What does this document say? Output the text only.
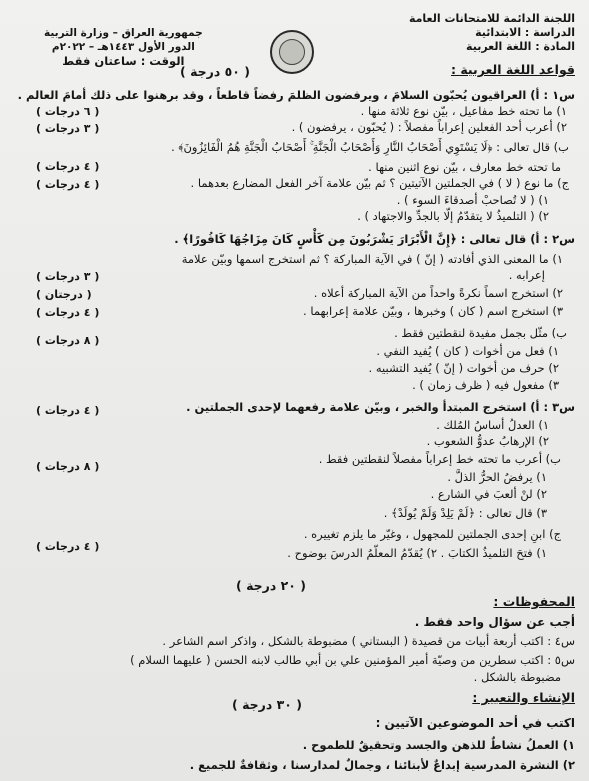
اللجنة الدائمة للامتحانات العامة
الدراسة : الابتدائية
المادة : اللغة العربية
جمهورية العراق – وزارة التربية
الدور الأول ١٤٤٣هـ – ٢٠٢٢م
الوقت : ساعتان فقط
قواعد اللغة العربية :
( ٥٠ درجة )
س١ : أ) العراقيون يُحبّون السلامَ ، ويرفضون الظلمَ رفضاً قاطعاً ، وقد برهنوا على ذلك أمامَ العالم .
١) ما تحته خط مفاعيل ، بيّن نوع ثلاثة منها .
٢) أعرب أحد الفعلين إعراباً مفصلاً : ( يُحبّون ، يرفضون ) .
ب) قال تعالى : ﴿لَا يَسْتَوِي أَصْحَابُ النَّارِ وَأَصْحَابُ الْجَنَّةِ ۚ أَصْحَابُ الْجَنَّةِ هُمُ الْفَائِزُونَ﴾ .
ما تحته خط معارف ، بيّن نوع اثنين منها .
ج) ما نوع ( لا ) في الجملتين الآتيتين ؟ ثم بيّن علامة آخر الفعل المضارع بعدهما .
١) ( لا تُصاحبْ أصدقاءَ السوء ) .
٢) ( التلميذُ لا يتقدّمُ إلّا بالجدِّ والاجتهاد ) .
س٢ : أ) قال تعالى : ﴿إِنَّ الْأَبْرَارَ يَشْرَبُونَ مِن كَأْسٍ كَانَ مِزَاجُهَا كَافُورًا﴾ .
١) ما المعنى الذي أفادته ( إنّ ) في الآية المباركة ؟ ثم استخرج اسمها وبيّن علامة
إعرابه .
٢) استخرج اسماً نكرةً واحداً من الآية المباركة أعلاه .
٣) استخرج اسم ( كان ) وخبرها ، وبيّن علامة إعرابهما .
ب) مثّل بجمل مفيدة لنقطتين فقط .
١) فعل من أخوات ( كان ) يُفيد النفي .
٢) حرف من أخوات ( إنّ ) يُفيد التشبيه .
٣) مفعول فيه ( ظرف زمان ) .
س٣ : أ) استخرج المبتدأ والخبر ، وبيّن علامة رفعهما لإحدى الجملتين .
١) العدلُ أساسُ المُلك .
٢) الإرهابُ عدوُّ الشعوب .
ب) أعرب ما تحته خط إعراباً مفصلاً لنقطتين فقط .
١) يرفضُ الحرُّ الذلَّ .
٢) لنْ ألعبَ في الشارع .
٣) قال تعالى : ﴿لَمْ يَلِدْ وَلَمْ يُولَدْ﴾ .
ج) ابنِ إحدى الجملتين للمجهول ، وغيّر ما يلزم تغييره .
١) فتحَ التلميذُ الكتابَ . ٢) يُقدّمُ المعلّمُ الدرسَ بوضوح .
( ٦ درجات )
( ٣ درجات )
( ٤ درجات )
( ٤ درجات )
( ٣ درجات )
( درجتان )
( ٤ درجات )
( ٨ درجات )
( ٤ درجات )
( ٨ درجات )
( ٤ درجات )
( ٢٠ درجة )
المحفوظات :
أجب عن سؤال واحد فقط .
س٤ : اكتب أربعة أبيات من قصيدة ( البستاني ) مضبوطة بالشكل ، واذكر اسم الشاعر .
س٥ : اكتب سطرين من وصيّة أمير المؤمنين علي بن أبي طالب لابنه الحسن ( عليهما السلام )
مضبوطة بالشكل .
الإنشاء والتعبير :
( ٣٠ درجة )
اكتب في أحد الموضوعين الآتيين :
١) العملُ نشاطٌ للذهن والجسد وتحقيقٌ للطموح .
٢) النشرة المدرسية إبداعٌ لأبنائنا ، وجمالٌ لمدارسنا ، وثقافةٌ للجميع .
